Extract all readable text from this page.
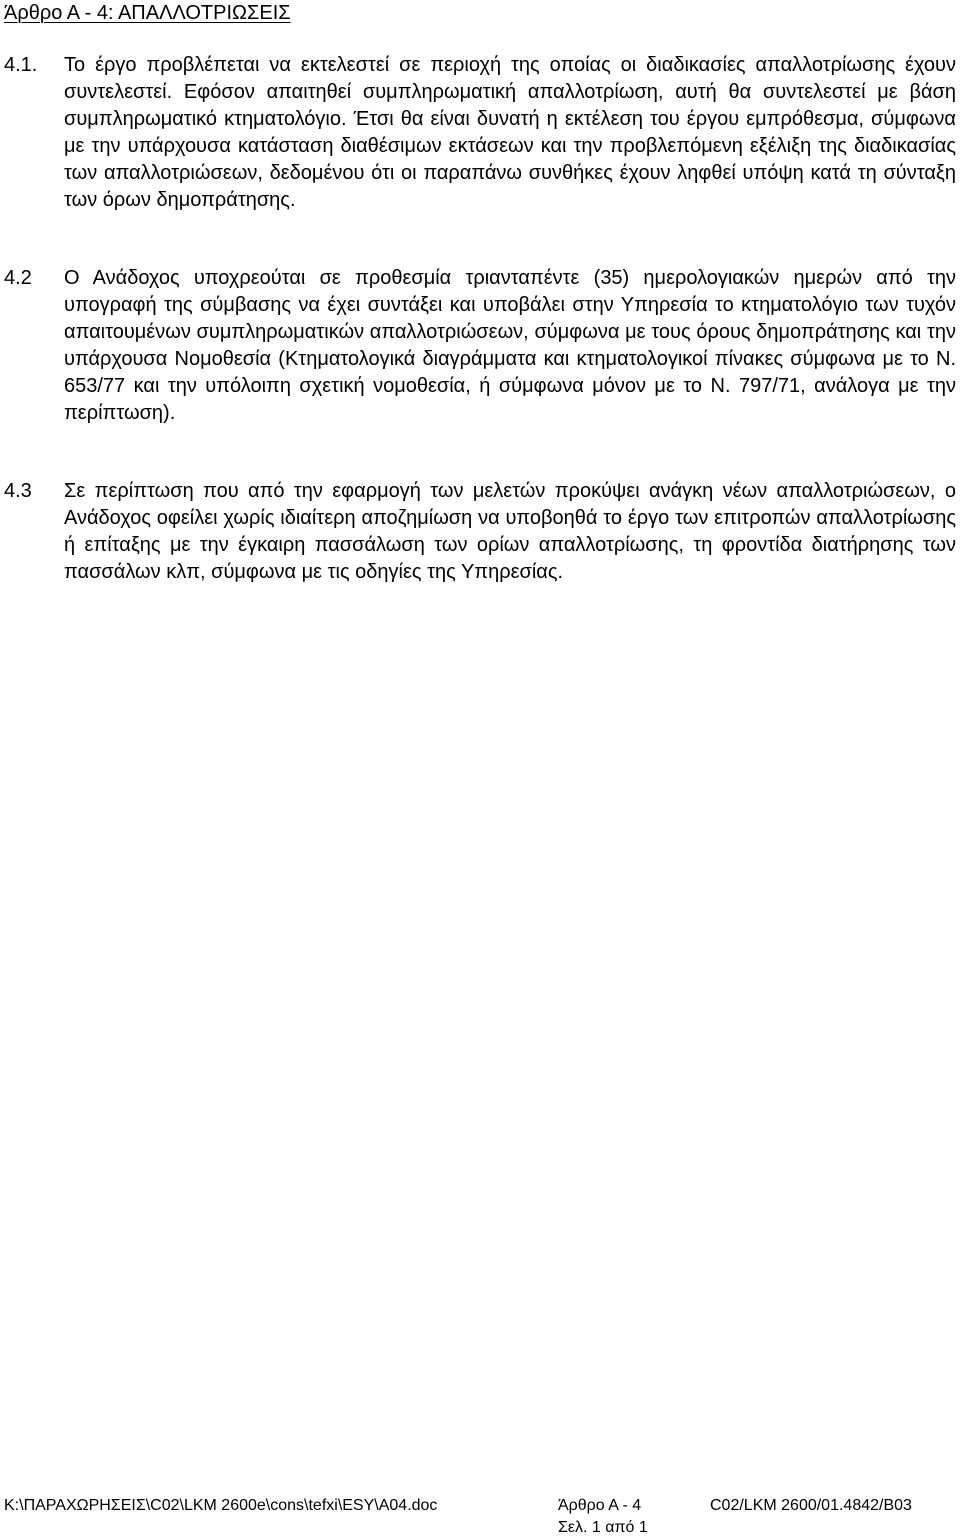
Άρθρο Α - 4: ΑΠΑΛΛΟΤΡΙΩΣΕΙΣ
4.1. Το έργο προβλέπεται να εκτελεστεί σε περιοχή της οποίας οι διαδικασίες απαλλοτρίωσης έχουν συντελεστεί. Εφόσον απαιτηθεί συμπληρωματική απαλλοτρίωση, αυτή θα συντελεστεί με βάση συμπληρωματικό κτηματολόγιο. Έτσι θα είναι δυνατή η εκτέλεση του έργου εμπρόθεσμα, σύμφωνα με την υπάρχουσα κατάσταση διαθέσιμων εκτάσεων και την προβλεπόμενη εξέλιξη της διαδικασίας των απαλλοτριώσεων, δεδομένου ότι οι παραπάνω συνθήκες έχουν ληφθεί υπόψη κατά τη σύνταξη των όρων δημοπράτησης.
4.2 Ο Ανάδοχος υποχρεούται σε προθεσμία τριανταπέντε (35) ημερολογιακών ημερών από την υπογραφή της σύμβασης να έχει συντάξει και υποβάλει στην Υπηρεσία το κτηματολόγιο των τυχόν απαιτουμένων συμπληρωματικών απαλλοτριώσεων, σύμφωνα με τους όρους δημοπράτησης και την υπάρχουσα Νομοθεσία (Κτηματολογικά διαγράμματα και κτηματολογικοί πίνακες σύμφωνα με το Ν. 653/77 και την υπόλοιπη σχετική νομοθεσία, ή σύμφωνα μόνον με το Ν. 797/71, ανάλογα με την περίπτωση).
4.3 Σε περίπτωση που από την εφαρμογή των μελετών προκύψει ανάγκη νέων απαλλοτριώσεων, ο Ανάδοχος οφείλει χωρίς ιδιαίτερη αποζημίωση να υποβοηθά το έργο των επιτροπών απαλλοτρίωσης ή επίταξης με την έγκαιρη πασσάλωση των ορίων απαλλοτρίωσης, τη φροντίδα διατήρησης των πασσάλων κλπ, σύμφωνα με τις οδηγίες της Υπηρεσίας.
K:\ΠΑΡΑΧΩΡΗΣΕΙΣ\C02\LKM 2600e\cons\tefxi\ESY\A04.doc	Άρθρο Α - 4	C02/LKM 2600/01.4842/B03
Σελ. 1 από 1
